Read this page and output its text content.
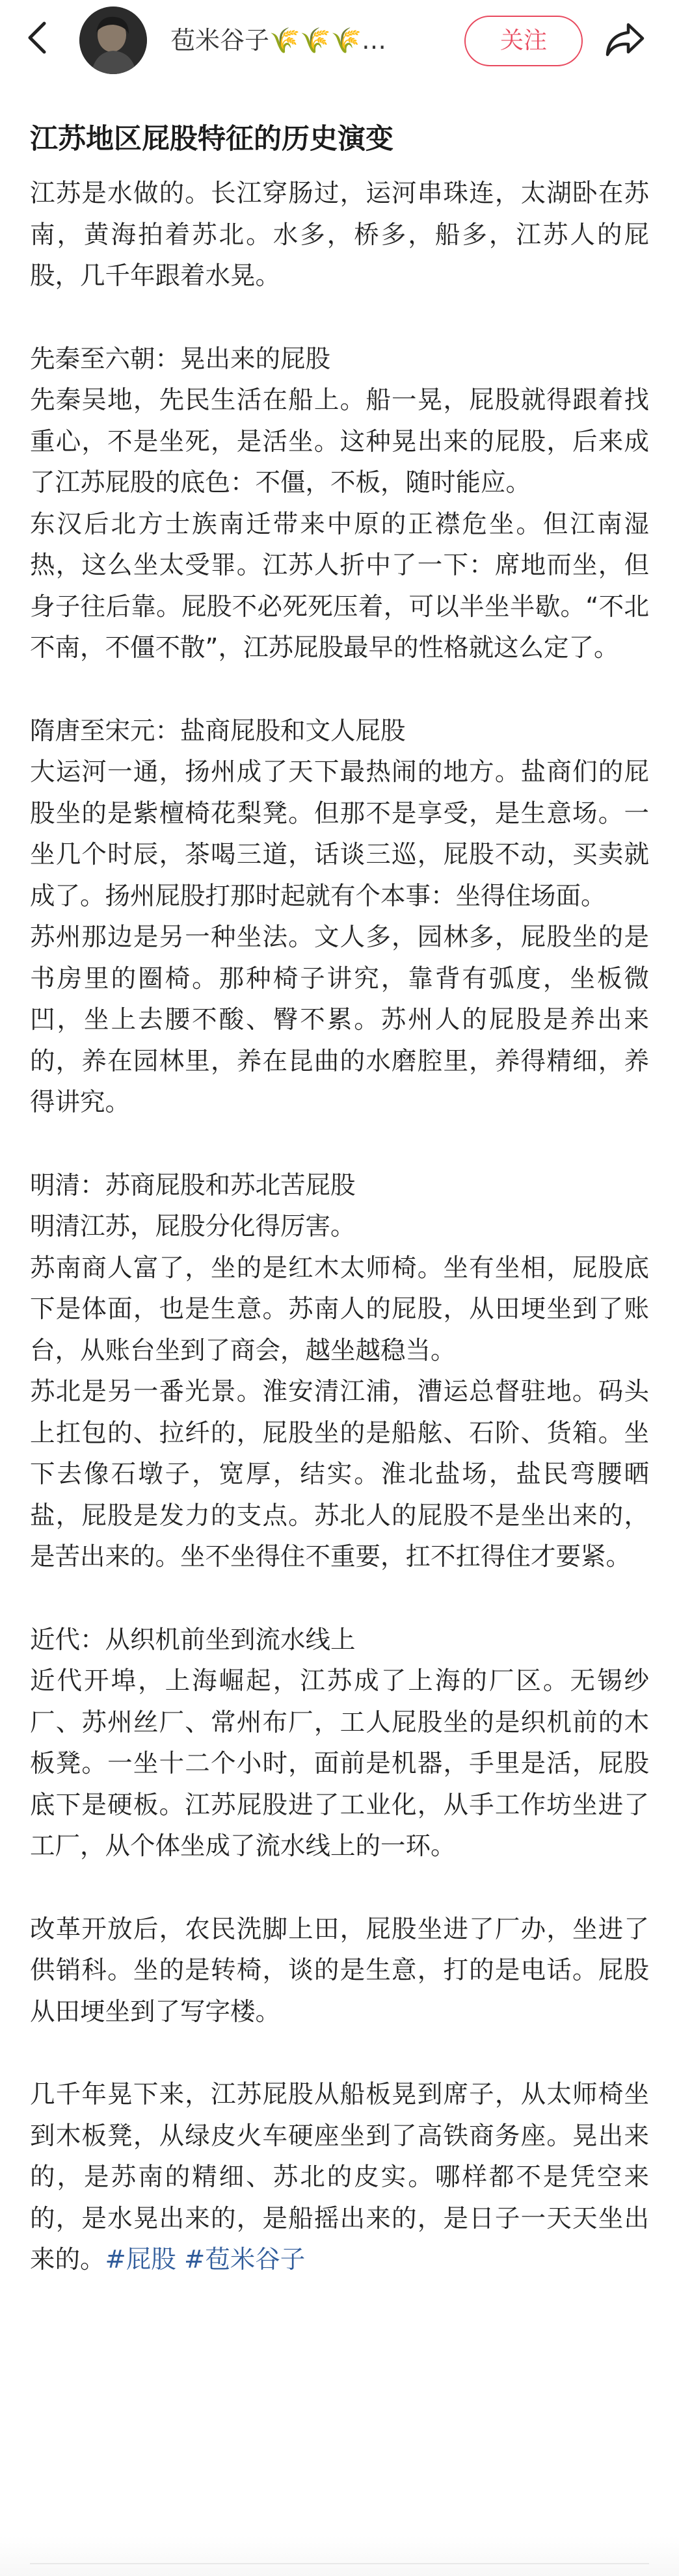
苞米谷子🌾🌾🌾…	关注
江苏地区屁股特征的历史演变

江苏是水做的。长江穿肠过，运河串珠连，太湖卧在苏南，黄海拍着苏北。水多，桥多，船多，江苏人的屁股，几千年跟着水晃。

先秦至六朝：晃出来的屁股

先秦吴地，先民生活在船上。船一晃，屁股就得跟着找重心，不是坐死，是活坐。这种晃出来的屁股，后来成了江苏屁股的底色：不僵，不板，随时能应。

东汉后北方士族南迁带来中原的正襟危坐。但江南湿热，这么坐太受罪。江苏人折中了一下：席地而坐，但身子往后靠。屁股不必死死压着，可以半坐半歇。“不北不南，不僵不散”，江苏屁股最早的性格就这么定了。

隋唐至宋元：盐商屁股和文人屁股

大运河一通，扬州成了天下最热闹的地方。盐商们的屁股坐的是紫檀椅花梨凳。但那不是享受，是生意场。一坐几个时辰，茶喝三道，话谈三巡，屁股不动，买卖就成了。扬州屁股打那时起就有个本事：坐得住场面。

苏州那边是另一种坐法。文人多，园林多，屁股坐的是书房里的圈椅。那种椅子讲究，靠背有弧度，坐板微凹，坐上去腰不酸、臀不累。苏州人的屁股是养出来的，养在园林里，养在昆曲的水磨腔里，养得精细，养得讲究。

明清：苏商屁股和苏北苦屁股

明清江苏，屁股分化得厉害。

苏南商人富了，坐的是红木太师椅。坐有坐相，屁股底下是体面，也是生意。苏南人的屁股，从田埂坐到了账台，从账台坐到了商会，越坐越稳当。

苏北是另一番光景。淮安清江浦，漕运总督驻地。码头上扛包的、拉纤的，屁股坐的是船舷、石阶、货箱。坐下去像石墩子，宽厚，结实。淮北盐场，盐民弯腰晒盐，屁股是发力的支点。苏北人的屁股不是坐出来的，是苦出来的。坐不坐得住不重要，扛不扛得住才要紧。

近代：从织机前坐到流水线上

近代开埠，上海崛起，江苏成了上海的厂区。无锡纱厂、苏州丝厂、常州布厂，工人屁股坐的是织机前的木板凳。一坐十二个小时，面前是机器，手里是活，屁股底下是硬板。江苏屁股进了工业化，从手工作坊坐进了工厂，从个体坐成了流水线上的一环。

改革开放后，农民洗脚上田，屁股坐进了厂办，坐进了供销科。坐的是转椅，谈的是生意，打的是电话。屁股从田埂坐到了写字楼。

几千年晃下来，江苏屁股从船板晃到席子，从太师椅坐到木板凳，从绿皮火车硬座坐到了高铁商务座。晃出来的，是苏南的精细、苏北的皮实。哪样都不是凭空来的，是水晃出来的，是船摇出来的，是日子一天天坐出来的。#屁股 #苞米谷子
